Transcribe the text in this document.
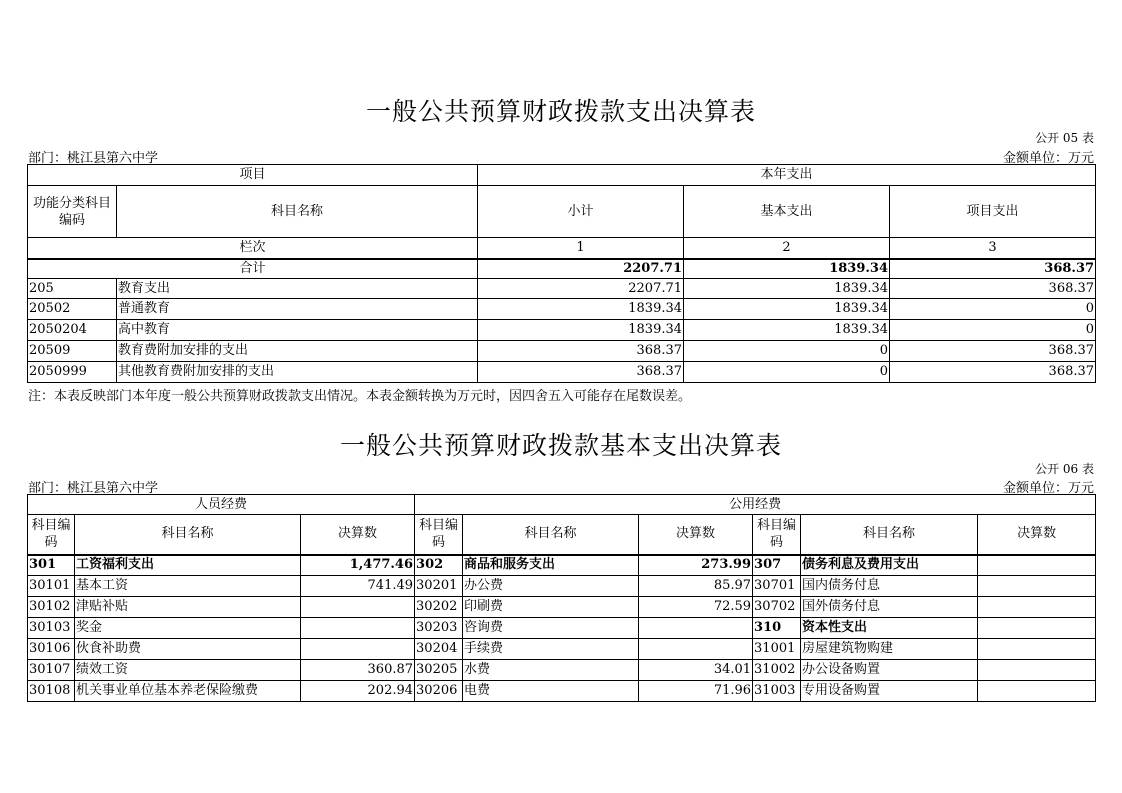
一般公共预算财政拨款支出决算表
公开 05 表
部门：桃江县第六中学	金额单位：万元
项目		本年支出		
功能分类科目编码	科目名称	小计	基本支出	项目支出
栏次		1	2	3
合计		2207.71	1839.34	368.37
205	教育支出	2207.71	1839.34	368.37
20502	普通教育	1839.34	1839.34	0
2050204	高中教育	1839.34	1839.34	0
20509	教育费附加安排的支出	368.37	0	368.37
2050999	其他教育费附加安排的支出	368.37	0	368.37
注：本表反映部门本年度一般公共预算财政拨款支出情况。本表金额转换为万元时，因四舍五入可能存在尾数误差。
一般公共预算财政拨款基本支出决算表
公开 06 表
部门：桃江县第六中学	金额单位：万元
人员经费			公用经费					
科目编码	科目名称	决算数	科目编码	科目名称	决算数	科目编码	科目名称	决算数
301	工资福利支出	1,477.46	302	商品和服务支出	273.99	307	债务利息及费用支出	
30101	基本工资	741.49	30201	办公费	85.97	30701	国内债务付息	
30102	津贴补贴		30202	印刷费	72.59	30702	国外债务付息	
30103	奖金		30203	咨询费		310	资本性支出	
30106	伙食补助费		30204	手续费		31001	房屋建筑物购建	
30107	绩效工资	360.87	30205	水费	34.01	31002	办公设备购置	
30108	机关事业单位基本养老保险缴费	202.94	30206	电费	71.96	31003	专用设备购置	
